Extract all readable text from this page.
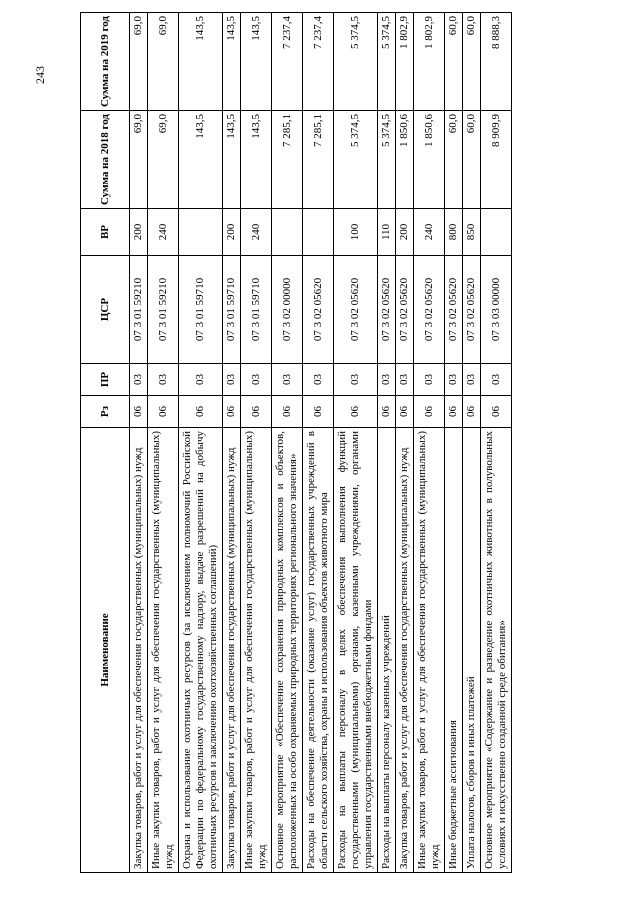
243
Наименование	Рз	ПР	ЦСР	ВР	Сумма на 2018 год	Сумма на 2019 год
Закупка товаров, работ и услуг для обеспечения государственных (муниципальных) нужд	06	03	07 3 01 59210	200	69,0	69,0
Иные закупки товаров, работ и услуг для обеспечения государственных (муниципальных) нужд	06	03	07 3 01 59210	240	69,0	69,0
Охрана и использование охотничьих ресурсов (за исключением полномочий Российской Федерации по федеральному государственному надзору, выдаче разрешений на добычу охотничьих ресурсов и заключению охотхозяйственных соглашений)	06	03	07 3 01 59710		143,5	143,5
Закупка товаров, работ и услуг для обеспечения государственных (муниципальных) нужд	06	03	07 3 01 59710	200	143,5	143,5
Иные закупки товаров, работ и услуг для обеспечения государственных (муниципальных) нужд	06	03	07 3 01 59710	240	143,5	143,5
Основное мероприятие «Обеспечение сохранения природных комплексов и объектов, расположенных на особо охраняемых природных территориях регионального значения»	06	03	07 3 02 00000		7 285,1	7 237,4
Расходы на обеспечение деятельности (оказание услуг) государственных учреждений в области сельского хозяйства, охраны и использования объектов животного мира	06	03	07 3 02 05620		7 285,1	7 237,4
Расходы на выплаты персоналу в целях обеспечения выполнения функций государственными (муниципальными) органами, казенными учреждениями, органами управления государственными внебюджетными фондами	06	03	07 3 02 05620	100	5 374,5	5 374,5
Расходы на выплаты персоналу казенных учреждений	06	03	07 3 02 05620	110	5 374,5	5 374,5
Закупка товаров, работ и услуг для обеспечения государственных (муниципальных) нужд	06	03	07 3 02 05620	200	1 850,6	1 802,9
Иные закупки товаров, работ и услуг для обеспечения государственных (муниципальных) нужд	06	03	07 3 02 05620	240	1 850,6	1 802,9
Иные бюджетные ассигнования	06	03	07 3 02 05620	800	60,0	60,0
Уплата налогов, сборов и иных платежей	06	03	07 3 02 05620	850	60,0	60,0
Основное мероприятие «Содержание и разведение охотничьих животных в полувольных условиях и искусственно созданной среде обитания»	06	03	07 3 03 00000		8 909,9	8 888,3
